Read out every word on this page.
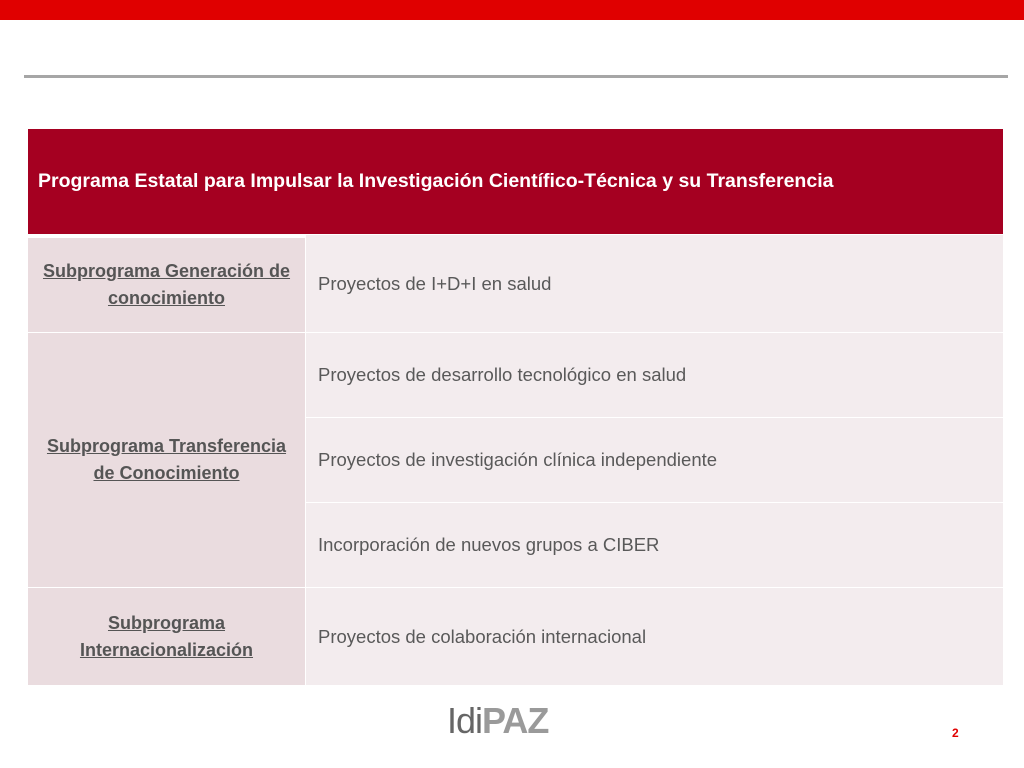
Programa Estatal para Impulsar la Investigación Científico-Técnica y su Transferencia
Subprograma Generación de conocimiento
Proyectos de I+D+I en salud
Subprograma Transferencia de Conocimiento
Proyectos de desarrollo tecnológico en salud
Proyectos de investigación clínica independiente
Incorporación de nuevos grupos a CIBER
Subprograma Internacionalización
Proyectos de colaboración internacional
Idi PAZ	2
